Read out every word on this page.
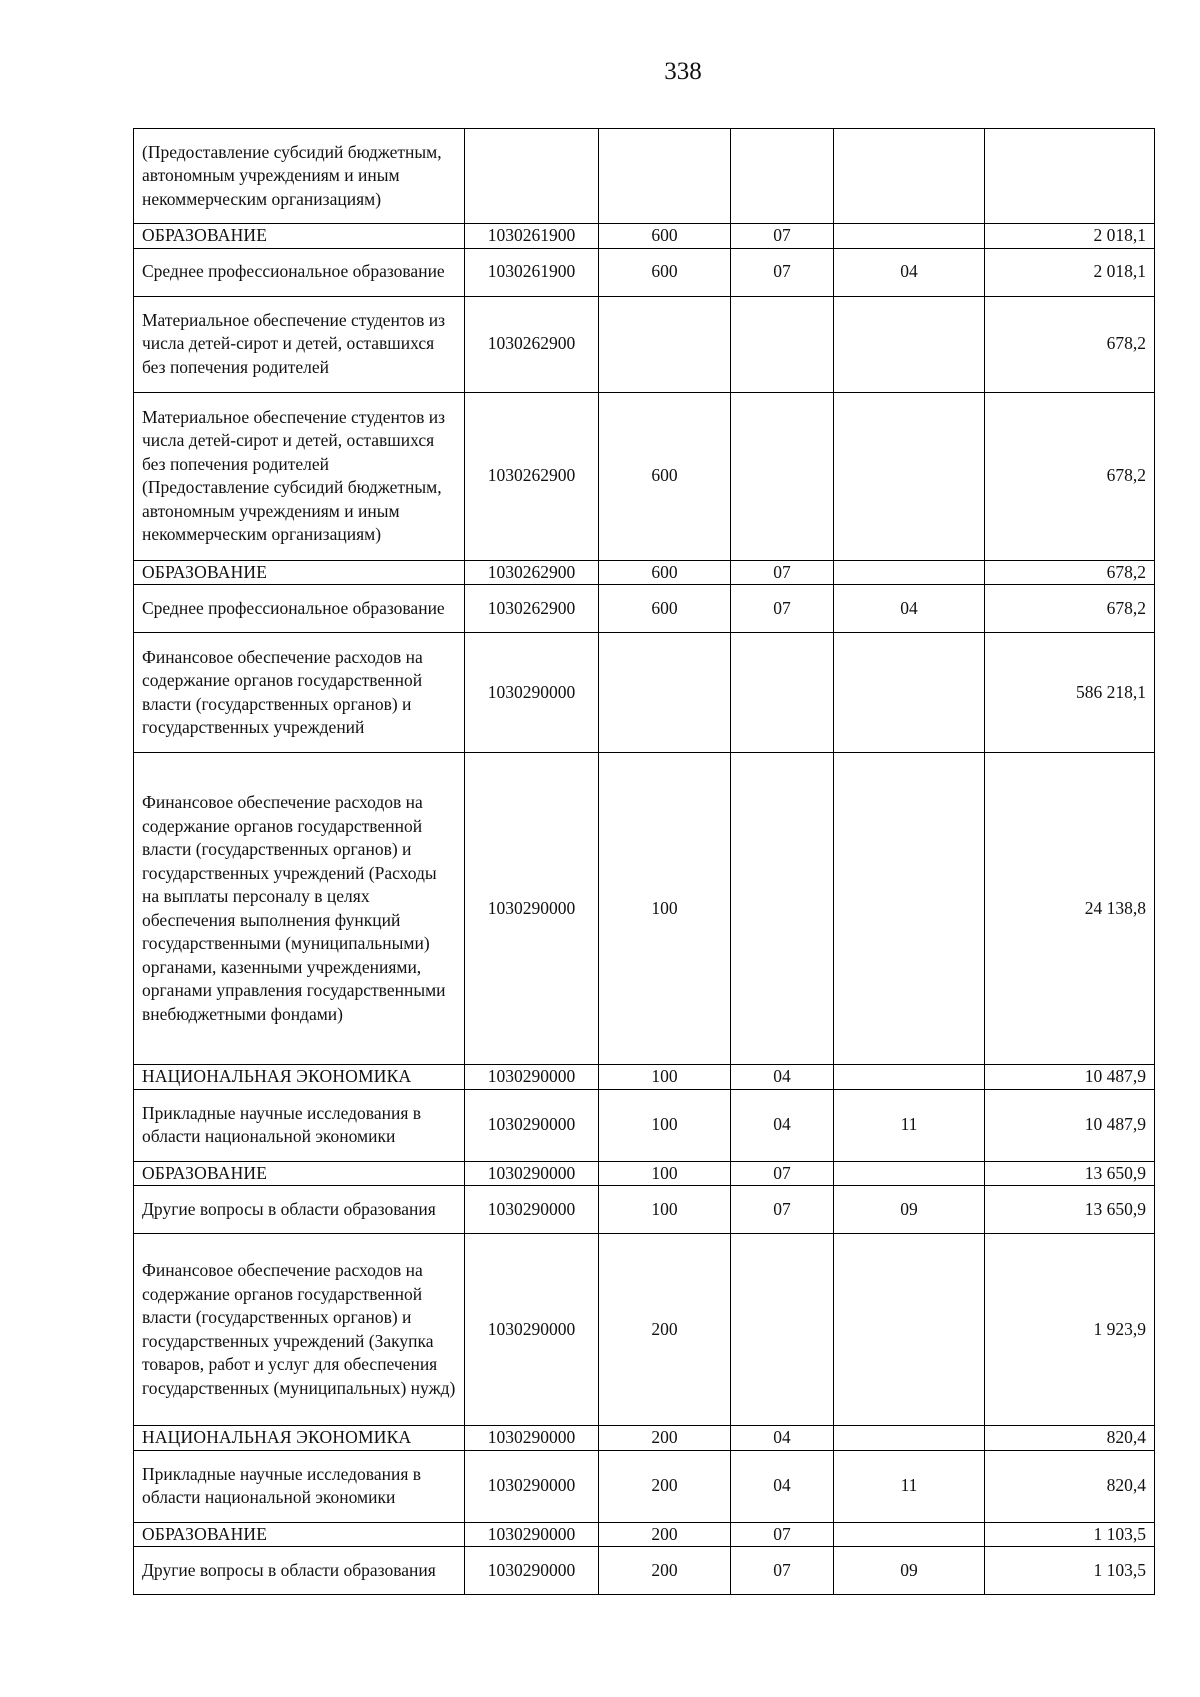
338
(Предоставление субсидий бюджетным, автономным учреждениям и иным некоммерческим организациям)					
ОБРАЗОВАНИЕ	1030261900	600	07		2 018,1
Среднее профессиональное образование	1030261900	600	07	04	2 018,1
Материальное обеспечение студентов из числа детей-сирот и детей, оставшихся без попечения родителей	1030262900				678,2
Материальное обеспечение студентов из числа детей-сирот и детей, оставшихся без попечения родителей (Предоставление субсидий бюджетным, автономным учреждениям и иным некоммерческим организациям)	1030262900	600			678,2
ОБРАЗОВАНИЕ	1030262900	600	07		678,2
Среднее профессиональное образование	1030262900	600	07	04	678,2
Финансовое обеспечение расходов на содержание органов государственной власти (государственных органов) и государственных учреждений	1030290000				586 218,1
Финансовое обеспечение расходов на содержание органов государственной власти (государственных органов) и государственных учреждений (Расходы на выплаты персоналу в целях обеспечения выполнения функций государственными (муниципальными) органами, казенными учреждениями, органами управления государственными внебюджетными фондами)	1030290000	100			24 138,8
НАЦИОНАЛЬНАЯ ЭКОНОМИКА	1030290000	100	04		10 487,9
Прикладные научные исследования в области национальной экономики	1030290000	100	04	11	10 487,9
ОБРАЗОВАНИЕ	1030290000	100	07		13 650,9
Другие вопросы в области образования	1030290000	100	07	09	13 650,9
Финансовое обеспечение расходов на содержание органов государственной власти (государственных органов) и государственных учреждений (Закупка товаров, работ и услуг для обеспечения государственных (муниципальных) нужд)	1030290000	200			1 923,9
НАЦИОНАЛЬНАЯ ЭКОНОМИКА	1030290000	200	04		820,4
Прикладные научные исследования в области национальной экономики	1030290000	200	04	11	820,4
ОБРАЗОВАНИЕ	1030290000	200	07		1 103,5
Другие вопросы в области образования	1030290000	200	07	09	1 103,5
